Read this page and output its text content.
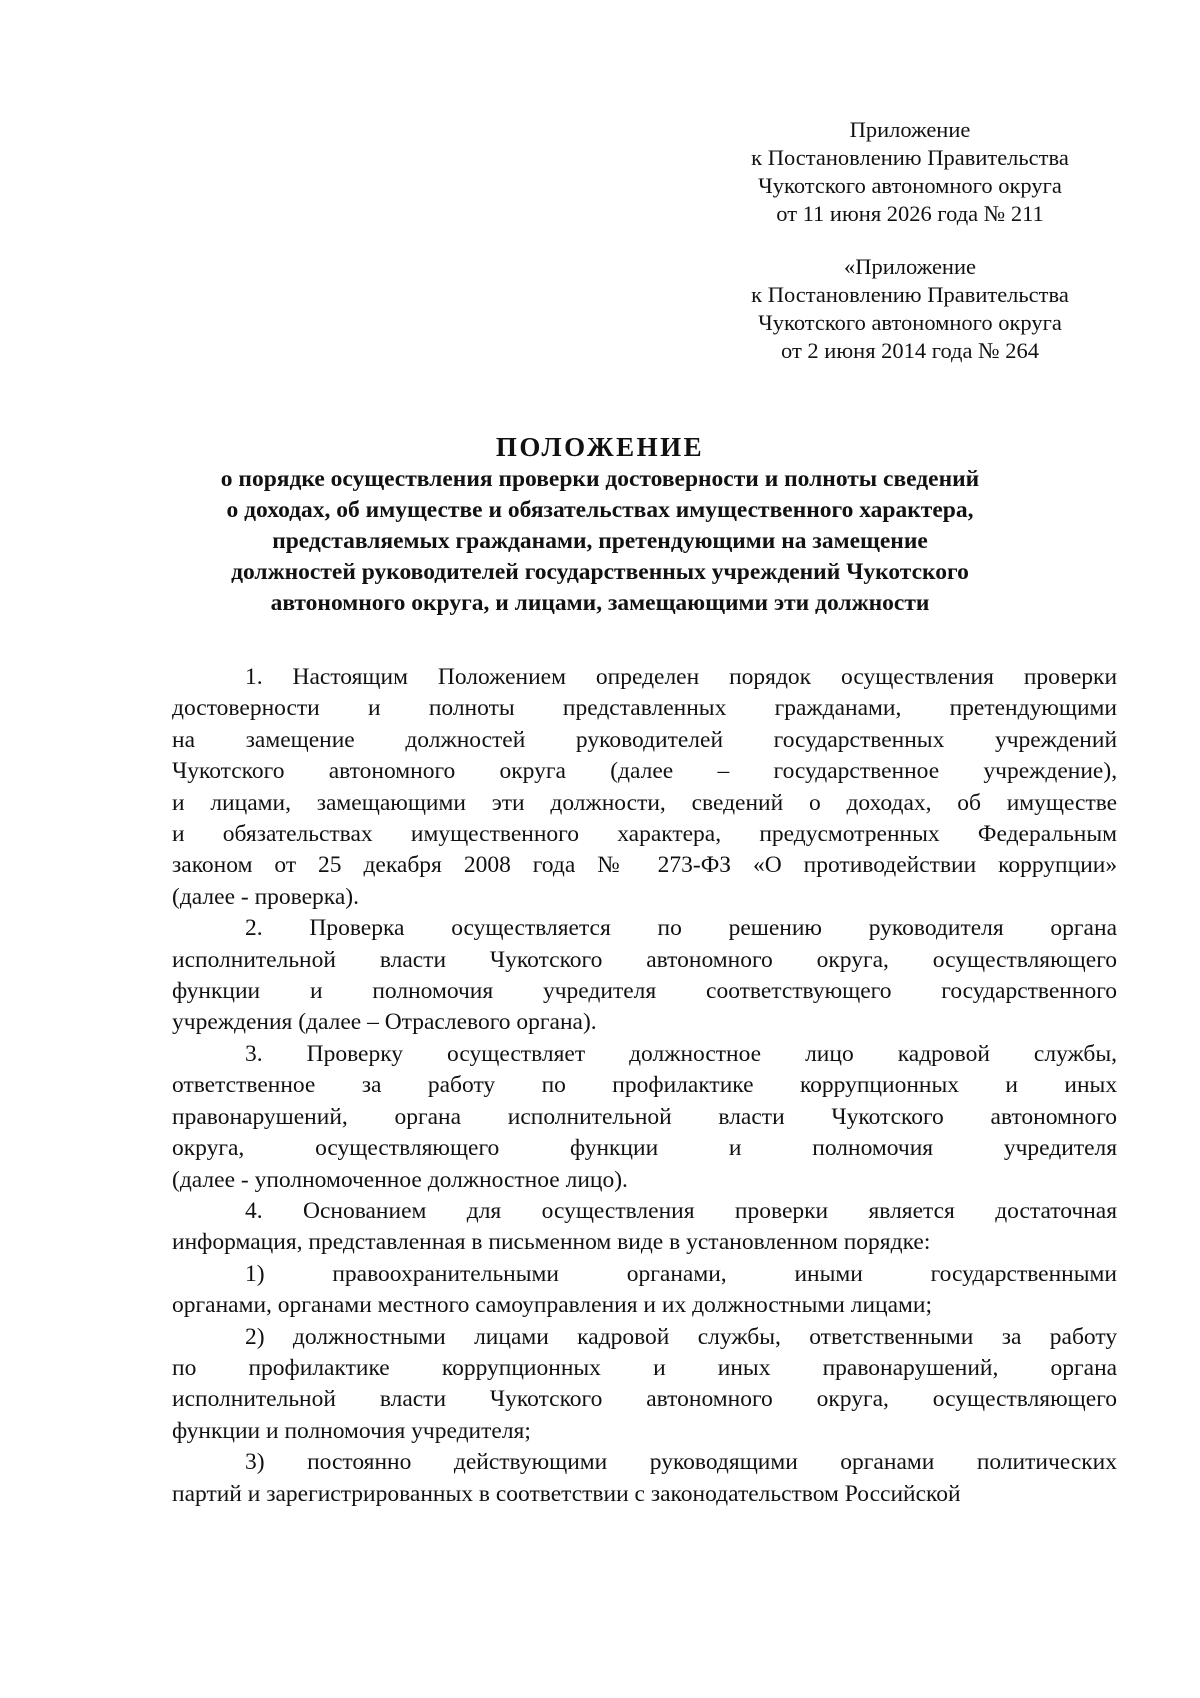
Приложение
к Постановлению Правительства
Чукотского автономного округа
от 11 июня 2026 года № 211
«Приложение
к Постановлению Правительства
Чукотского автономного округа
от 2 июня 2014 года № 264
ПОЛОЖЕНИЕ
о порядке осуществления проверки достоверности и полноты сведений
о доходах, об имуществе и обязательствах имущественного характера,
представляемых гражданами, претендующими на замещение
должностей руководителей государственных учреждений Чукотского
автономного округа, и лицами, замещающими эти должности
1. Настоящим Положением определен порядок осуществления проверки
достоверности и полноты представленных гражданами, претендующими
на замещение должностей руководителей государственных учреждений
Чукотского автономного округа (далее – государственное учреждение),
и лицами, замещающими эти должности, сведений о доходах, об имуществе
и обязательствах имущественного характера, предусмотренных Федеральным
законом от 25 декабря 2008 года № 273-ФЗ «О противодействии коррупции»
(далее - проверка).
2. Проверка осуществляется по решению руководителя органа
исполнительной власти Чукотского автономного округа, осуществляющего
функции и полномочия учредителя соответствующего государственного
учреждения (далее – Отраслевого органа).
3. Проверку осуществляет должностное лицо кадровой службы,
ответственное за работу по профилактике коррупционных и иных
правонарушений, органа исполнительной власти Чукотского автономного
округа,	осуществляющего	функции	и	полномочия	учредителя
(далее - уполномоченное должностное лицо).
4. Основанием для осуществления проверки является достаточная
информация, представленная в письменном виде в установленном порядке:
1)	правоохранительными	органами,	иными	государственными
органами, органами местного самоуправления и их должностными лицами;
2) должностными лицами кадровой службы, ответственными за работу
по профилактике коррупционных и иных правонарушений, органа
исполнительной власти Чукотского автономного округа, осуществляющего
функции и полномочия учредителя;
3) постоянно действующими руководящими органами политических
партий и зарегистрированных в соответствии с законодательством Российской
